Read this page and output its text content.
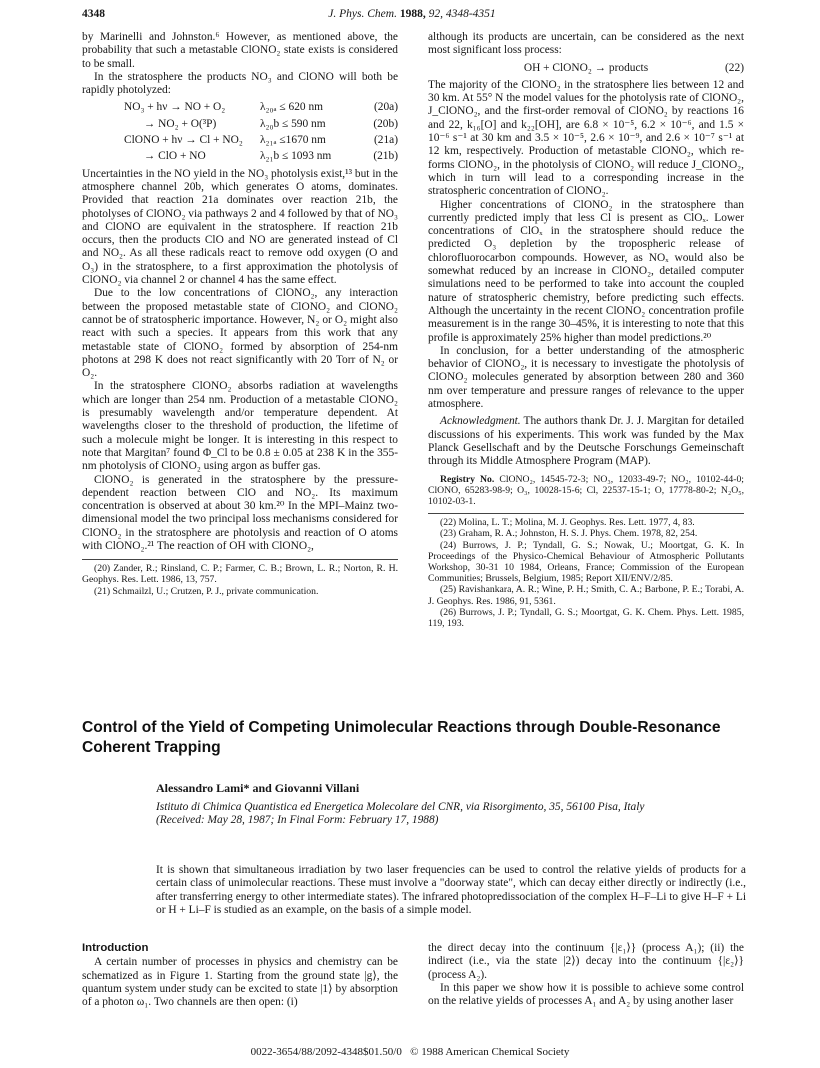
4348	J. Phys. Chem. 1988, 92, 4348-4351

by Marinelli and Johnston.⁶ However, as mentioned above, the probability that such a metastable ClONO₂ state exists is considered to be small.

In the stratosphere the products NO₃ and ClONO will both be rapidly photolyzed:

NO₃ + hν → NO + O₂	λ₂₀ₐ ≤ 620 nm	(20a)
→ NO₂ + O(³P)	λ₂₀b ≤ 590 nm	(20b)
ClONO + hν → Cl + NO₂	λ₂₁ₐ ≤1670 nm	(21a)
→ ClO + NO	λ₂₁b ≤ 1093 nm	(21b)

Uncertainties in the NO yield in the NO₃ photolysis exist,¹³ but in the atmosphere channel 20b, which generates O atoms, dominates. Provided that reaction 21a dominates over reaction 21b, the photolyses of ClONO₂ via pathways 2 and 4 followed by that of NO₃ and ClONO are equivalent in the stratosphere. If reaction 21b occurs, then the products ClO and NO are generated instead of Cl and NO₂. As all these radicals react to remove odd oxygen (O and O₃) in the stratosphere, to a first approximation the photolysis of ClONO₂ via channel 2 or channel 4 has the same effect.

Due to the low concentrations of ClONO₂, any interaction between the proposed metastable state of ClONO₂ and ClONO₂ cannot be of stratospheric importance. However, N₂ or O₂ might also react with such a species. It appears from this work that any metastable state of ClONO₂ formed by absorption of 254-nm photons at 298 K does not react significantly with 20 Torr of N₂ or O₂.

In the stratosphere ClONO₂ absorbs radiation at wavelengths which are longer than 254 nm. Production of a metastable ClONO₂ is presumably wavelength and/or temperature dependent. At wavelengths closer to the threshold of production, the lifetime of such a molecule might be longer. It is interesting in this respect to note that Margitan⁷ found Φ_Cl to be 0.8 ± 0.05 at 238 K in the 355-nm photolysis of ClONO₂ using argon as buffer gas.

ClONO₂ is generated in the stratosphere by the pressure-dependent reaction between ClO and NO₂. Its maximum concentration is observed at about 30 km.²⁰ In the MPI–Mainz two-dimensional model the two principal loss mechanisms considered for ClONO₂ in the stratosphere are photolysis and reaction of O atoms with ClONO₂.²¹ The reaction of OH with ClONO₂,

(20) Zander, R.; Rinsland, C. P.; Farmer, C. B.; Brown, L. R.; Norton, R. H. Geophys. Res. Lett. 1986, 13, 757.
(21) Schmailzl, U.; Crutzen, P. J., private communication.

although its products are uncertain, can be considered as the next most significant loss process:

OH + ClONO₂ → products	(22)

The majority of the ClONO₂ in the stratosphere lies between 12 and 30 km. At 55° N the model values for the photolysis rate of ClONO₂, J_ClONO₂, and the first-order removal of ClONO₂ by reactions 16 and 22, k₁₆[O] and k₂₂[OH], are 6.8 × 10⁻⁵, 6.2 × 10⁻⁶, and 1.5 × 10⁻⁶ s⁻¹ at 30 km and 3.5 × 10⁻⁵, 2.6 × 10⁻⁹, and 2.6 × 10⁻⁷ s⁻¹ at 12 km, respectively. Production of metastable ClONO₂, which re-forms ClONO₂, in the photolysis of ClONO₂ will reduce J_ClONO₂, which in turn will lead to a corresponding increase in the stratospheric concentration of ClONO₂.

Higher concentrations of ClONO₂ in the stratosphere than currently predicted imply that less Cl is present as ClOₓ. Lower concentrations of ClOₓ in the stratosphere should reduce the predicted O₃ depletion by the tropospheric release of chlorofluorocarbon compounds. However, as NOₓ would also be somewhat reduced by an increase in ClONO₂, detailed computer simulations need to be performed to take into account the coupled nature of stratospheric chemistry, before predicting such effects. Although the uncertainty in the recent ClONO₂ concentration profile measurement is in the range 30–45%, it is interesting to note that this profile is approximately 25% higher than model predictions.²⁰

In conclusion, for a better understanding of the atmospheric behavior of ClONO₂, it is necessary to investigate the photolysis of ClONO₂ molecules generated by absorption between 280 and 360 nm over temperature and pressure ranges of relevance to the upper atmosphere.

Acknowledgment. The authors thank Dr. J. J. Margitan for detailed discussions of his experiments. This work was funded by the Max Planck Gesellschaft and by the Deutsche Forschungs Gemeinschaft through its Middle Atmosphere Program (MAP).

Registry No. ClONO₂, 14545-72-3; NO₃, 12033-49-7; NO₂, 10102-44-0; ClONO, 65283-98-9; O₃, 10028-15-6; Cl, 22537-15-1; O, 17778-80-2; N₂O₅, 10102-03-1.

(22) Molina, L. T.; Molina, M. J. Geophys. Res. Lett. 1977, 4, 83.
(23) Graham, R. A.; Johnston, H. S. J. Phys. Chem. 1978, 82, 254.
(24) Burrows, J. P.; Tyndall, G. S.; Nowak, U.; Moortgat, G. K. In Proceedings of the Physico-Chemical Behaviour of Atmospheric Pollutants Workshop, 30-31 10 1984, Orleans, France; Commission of the European Communities; Brussels, Belgium, 1985; Report XII/ENV/2/85.
(25) Ravishankara, A. R.; Wine, P. H.; Smith, C. A.; Barbone, P. E.; Torabi, A. J. Geophys. Res. 1986, 91, 5361.
(26) Burrows, J. P.; Tyndall, G. S.; Moortgat, G. K. Chem. Phys. Lett. 1985, 119, 193.
Control of the Yield of Competing Unimolecular Reactions through Double-Resonance Coherent Trapping
Alessandro Lami* and Giovanni Villani
Istituto di Chimica Quantistica ed Energetica Molecolare del CNR, via Risorgimento, 35, 56100 Pisa, Italy
(Received: May 28, 1987; In Final Form: February 17, 1988)

It is shown that simultaneous irradiation by two laser frequencies can be used to control the relative yields of products for a certain class of unimolecular reactions. These must involve a "doorway state", which can decay either directly or indirectly (i.e., after transferring energy to other intermediate states). The infrared photopredissociation of the complex H–F–Li to give H–F + Li or H + Li–F is studied as an example, on the basis of a simple model.

Introduction

A certain number of processes in physics and chemistry can be schematized as in Figure 1. Starting from the ground state |g⟩, the quantum system under study can be excited to state |1⟩ by absorption of a photon ω₁. Two channels are then open: (i)

the direct decay into the continuum {|ε₁⟩} (process A₁); (ii) the indirect (i.e., via the state |2⟩) decay into the continuum {|ε₂⟩} (process A₂).

In this paper we show how it is possible to achieve some control on the relative yields of processes A₁ and A₂ by using another laser

0022-3654/88/2092-4348$01.50/0   © 1988 American Chemical Society
